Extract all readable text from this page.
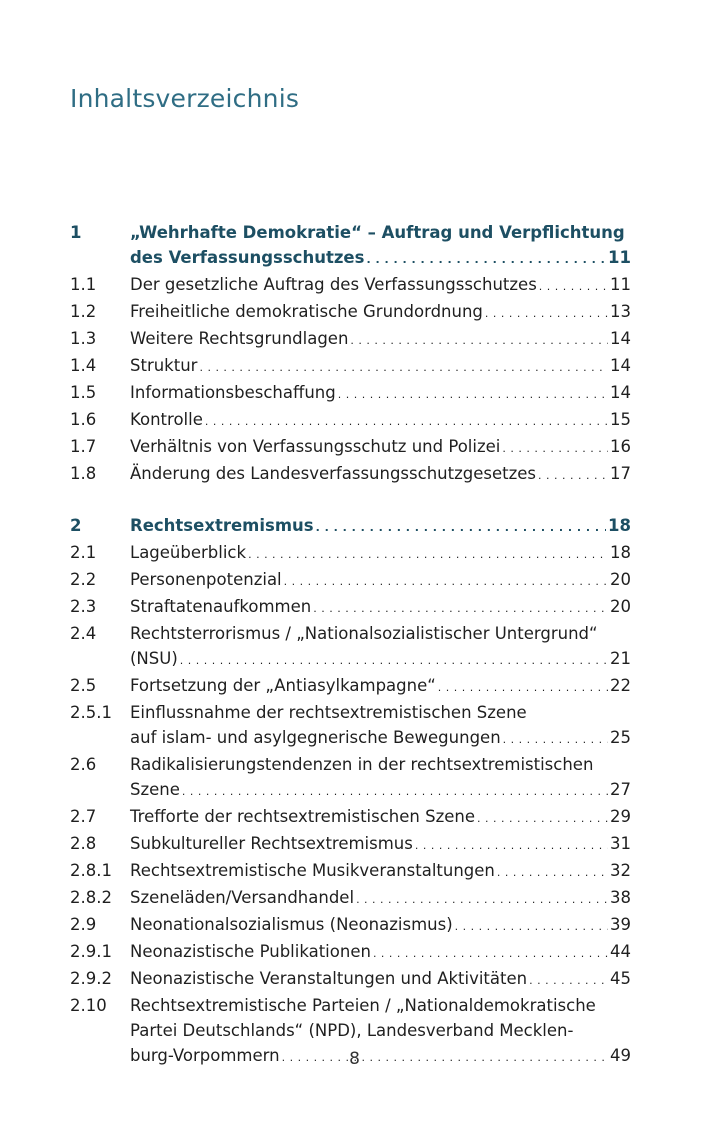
Inhaltsverzeichnis
1	„Wehrhafte Demokratie“ – Auftrag und Verpflichtung
des Verfassungsschutzes . . .	11
1.1	Der gesetzliche Auftrag des Verfassungsschutzes . . .	11
1.2	Freiheitliche demokratische Grundordnung . . .	13
1.3	Weitere Rechtsgrundlagen . . .	14
1.4	Struktur . . .	14
1.5	Informationsbeschaffung . . .	14
1.6	Kontrolle . . .	15
1.7	Verhältnis von Verfassungsschutz und Polizei . . .	16
1.8	Änderung des Landesverfassungsschutzgesetzes . . .	17
2	Rechtsextremismus . . .	18
2.1	Lageüberblick . . .	18
2.2	Personenpotenzial . . .	20
2.3	Straftatenaufkommen . . .	20
2.4	Rechtsterrorismus / „Nationalsozialistischer Untergrund“
(NSU) . . .	21
2.5	Fortsetzung der „Antiasylkampagne“ . . .	22
2.5.1	Einflussnahme der rechtsextremistischen Szene
auf islam- und asylgegnerische Bewegungen . . .	25
2.6	Radikalisierungstendenzen in der rechtsextremistischen
Szene . . .	27
2.7	Trefforte der rechtsextremistischen Szene . . .	29
2.8	Subkultureller Rechtsextremismus . . .	31
2.8.1	Rechtsextremistische Musikveranstaltungen . . .	32
2.8.2	Szeneläden/Versandhandel . . .	38
2.9	Neonationalsozialismus (Neonazismus) . . .	39
2.9.1	Neonazistische Publikationen . . .	44
2.9.2	Neonazistische Veranstaltungen und Aktivitäten . . .	45
2.10	Rechtsextremistische Parteien / „Nationaldemokratische
Partei Deutschlands“ (NPD), Landesverband Mecklen-
burg-Vorpommern . . .	49
8
